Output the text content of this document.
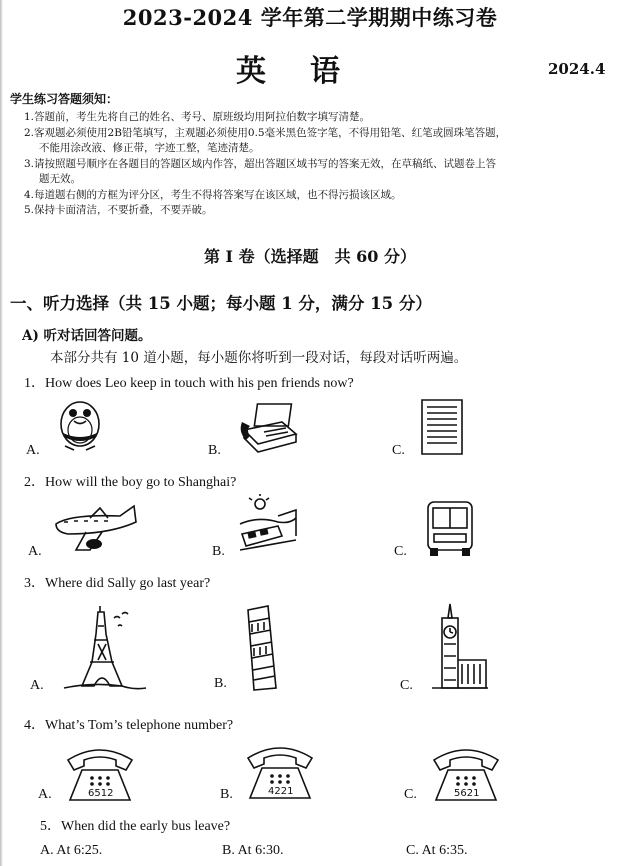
2023-2024 学年第二学期期中练习卷
英语	2024.4
学生练习答题须知：
1.答题前，考生先将自己的姓名、考号、原班级均用阿拉伯数字填写清楚。
2.客观题必须使用2B铅笔填写，主观题必须使用0.5毫米黑色签字笔，不得用铅笔、红笔或圆珠笔答题，
不能用涂改液、修正带，字迹工整，笔迹清楚。
3.请按照题号顺序在各题目的答题区域内作答，超出答题区域书写的答案无效，在草稿纸、试题卷上答
题无效。
4.每道题右侧的方框为评分区，考生不得将答案写在该区域，也不得污损该区域。
5.保持卡面清洁，不要折叠，不要弄破。
第 I 卷（选择题　共 60 分）
一、听力选择（共 15 小题；每小题 1 分，满分 15 分）
A) 听对话回答问题。
本部分共有 10 道小题，每小题你将听到一段对话，每段对话听两遍。
1．How does Leo keep in touch with his pen friends now?
A.	B.	C.
2．How will the boy go to Shanghai?
A.	B.	C.
3．Where did Sally go last year?
A.	B.	C.
4．What’s Tom’s telephone number?
A.	B.	C.
6512	4221	5621
5．When did the early bus leave?
A. At 6:25.	B. At 6:30.	C. At 6:35.
